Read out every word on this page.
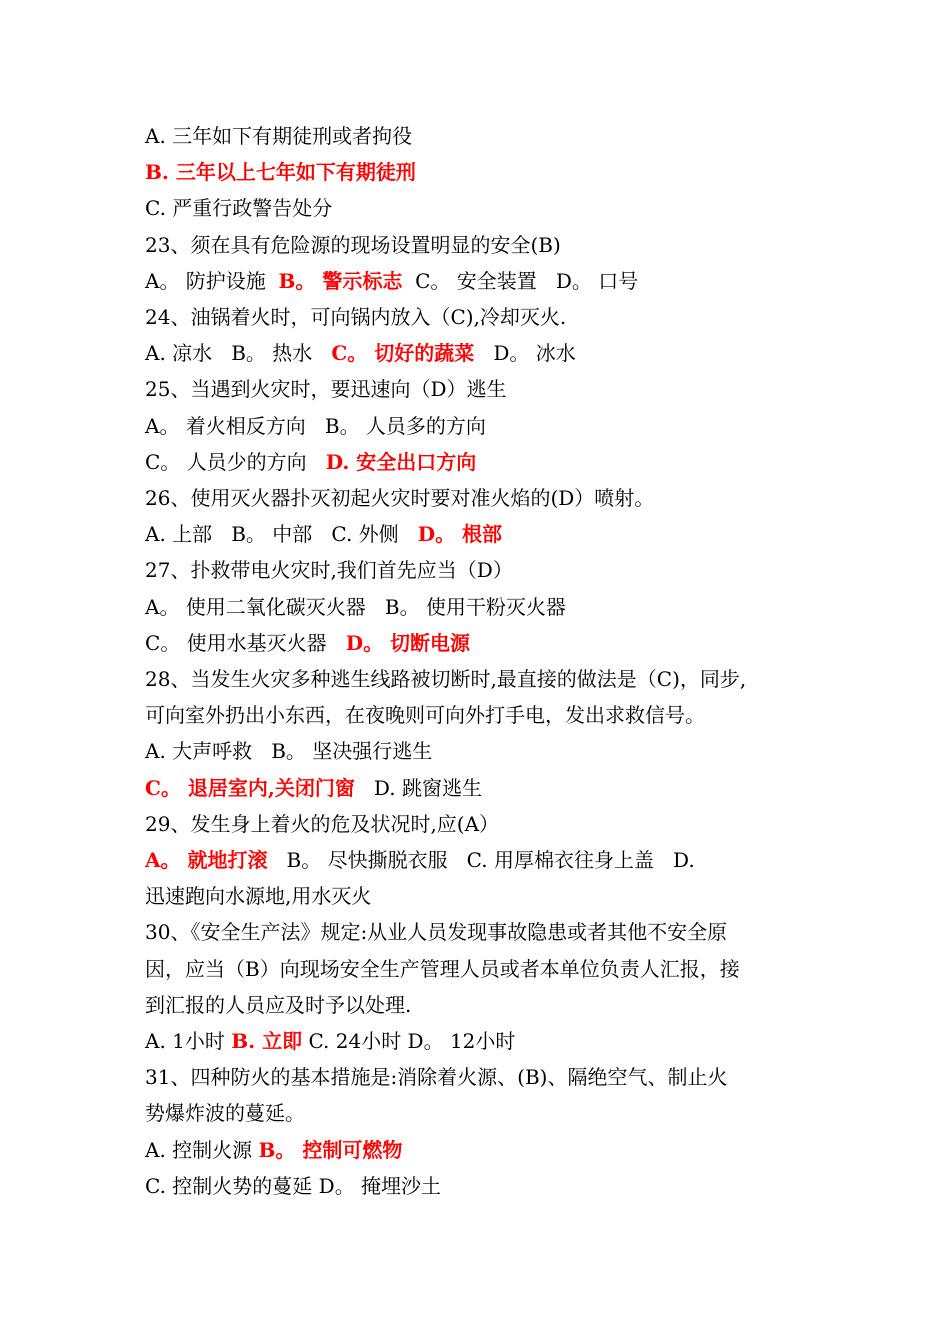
A. 三年如下有期徒刑或者拘役
B. 三年以上七年如下有期徒刑
C. 严重行政警告处分
23、须在具有危险源的现场设置明显的安全(B)
A。 防护设施  B。 警示标志  C。 安全装置   D。 口号
24、油锅着火时，可向锅内放入（C),冷却灭火.
A. 凉水   B。 热水   C。 切好的蔬菜   D。 冰水
25、当遇到火灾时，要迅速向（D）逃生
A。 着火相反方向   B。 人员多的方向
C。 人员少的方向   D. 安全出口方向
26、使用灭火器扑灭初起火灾时要对准火焰的(D）喷射。
A. 上部   B。 中部   C. 外侧   D。 根部
27、扑救带电火灾时,我们首先应当（D）
A。 使用二氧化碳灭火器   B。 使用干粉灭火器
C。 使用水基灭火器   D。 切断电源
28、当发生火灾多种逃生线路被切断时,最直接的做法是（C)，同步,
可向室外扔出小东西，在夜晚则可向外打手电，发出求救信号。
A. 大声呼救   B。 坚决强行逃生
C。 退居室内,关闭门窗   D. 跳窗逃生
29、发生身上着火的危及状况时,应(A）
A。 就地打滚   B。 尽快撕脱衣服   C. 用厚棉衣往身上盖   D.
迅速跑向水源地,用水灭火
30、《安全生产法》规定:从业人员发现事故隐患或者其他不安全原
因，应当（B）向现场安全生产管理人员或者本单位负责人汇报，接
到汇报的人员应及时予以处理.
A. 1小时 B. 立即 C. 24小时 D。 12小时
31、四种防火的基本措施是:消除着火源、(B)、隔绝空气、制止火
势爆炸波的蔓延。
A. 控制火源 B。 控制可燃物
C. 控制火势的蔓延 D。 掩埋沙土
